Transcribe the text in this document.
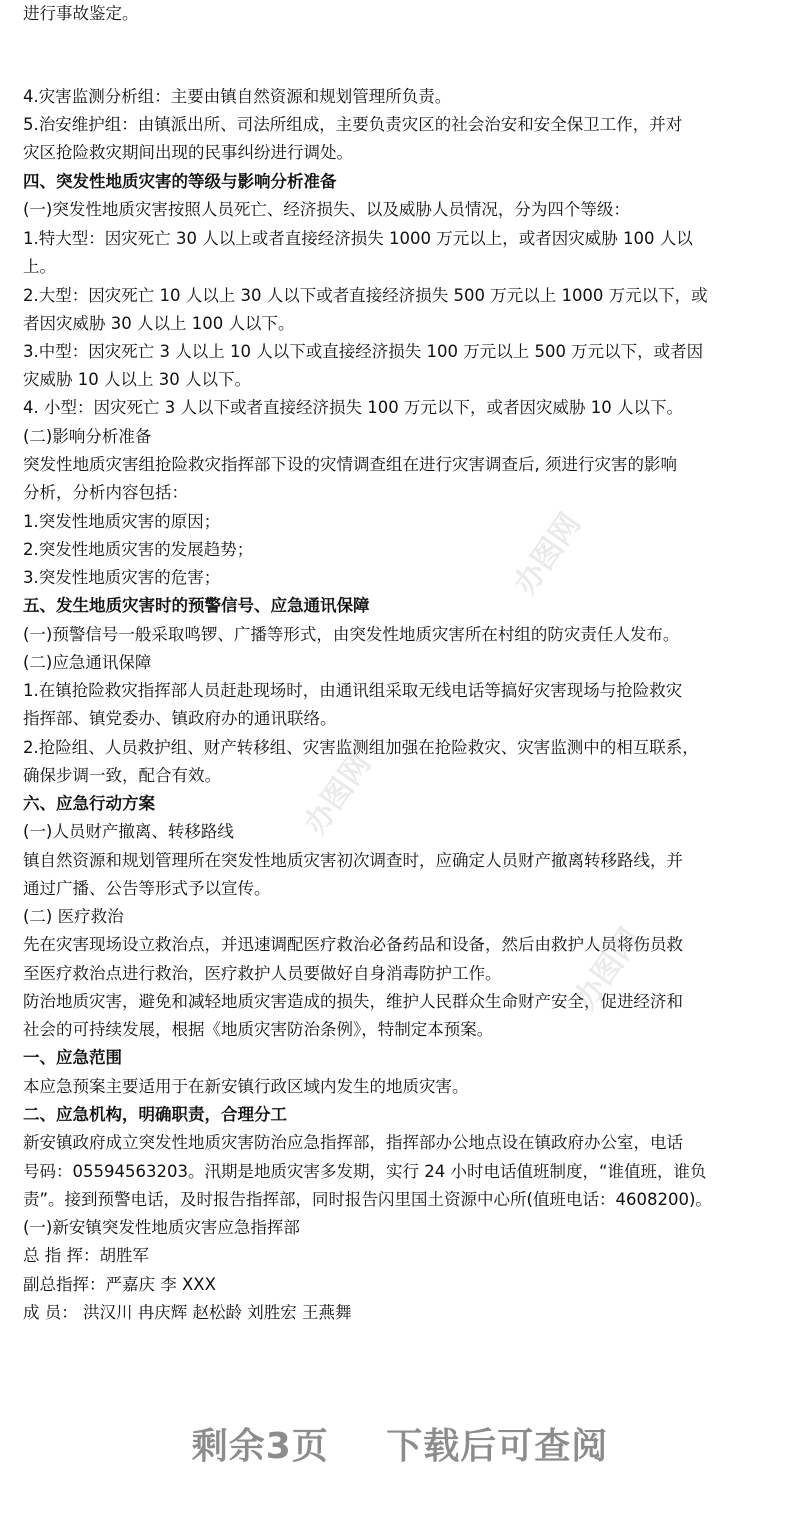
进行事故鉴定。
4.灾害监测分析组：主要由镇自然资源和规划管理所负责。
5.治安维护组：由镇派出所、司法所组成，主要负责灾区的社会治安和安全保卫工作，并对
灾区抢险救灾期间出现的民事纠纷进行调处。
四、突发性地质灾害的等级与影响分析准备
(一)突发性地质灾害按照人员死亡、经济损失、以及威胁人员情况，分为四个等级：
1.特大型：因灾死亡 30 人以上或者直接经济损失 1000 万元以上，或者因灾威胁 100 人以
上。
2.大型：因灾死亡 10 人以上 30 人以下或者直接经济损失 500 万元以上 1000 万元以下，或
者因灾威胁 30 人以上 100 人以下。
3.中型：因灾死亡 3 人以上 10 人以下或直接经济损失 100 万元以上 500 万元以下，或者因
灾威胁 10 人以上 30 人以下。
4. 小型：因灾死亡 3 人以下或者直接经济损失 100 万元以下，或者因灾威胁 10 人以下。
(二)影响分析准备
突发性地质灾害组抢险救灾指挥部下设的灾情调查组在进行灾害调查后, 须进行灾害的影响
分析，分析内容包括：
1.突发性地质灾害的原因；
2.突发性地质灾害的发展趋势；
3.突发性地质灾害的危害；
五、发生地质灾害时的预警信号、应急通讯保障
(一)预警信号一般采取鸣锣、广播等形式，由突发性地质灾害所在村组的防灾责任人发布。
(二)应急通讯保障
1.在镇抢险救灾指挥部人员赶赴现场时，由通讯组采取无线电话等搞好灾害现场与抢险救灾
指挥部、镇党委办、镇政府办的通讯联络。
2.抢险组、人员救护组、财产转移组、灾害监测组加强在抢险救灾、灾害监测中的相互联系，
确保步调一致，配合有效。
六、应急行动方案
(一)人员财产撤离、转移路线
镇自然资源和规划管理所在突发性地质灾害初次调查时，应确定人员财产撤离转移路线，并
通过广播、公告等形式予以宣传。
(二) 医疗救治
先在灾害现场设立救治点，并迅速调配医疗救治必备药品和设备，然后由救护人员将伤员救
至医疗救治点进行救治，医疗救护人员要做好自身消毒防护工作。
防治地质灾害，避免和减轻地质灾害造成的损失，维护人民群众生命财产安全，促进经济和
社会的可持续发展，根据《地质灾害防治条例》，特制定本预案。
一、应急范围
本应急预案主要适用于在新安镇行政区域内发生的地质灾害。
二、应急机构，明确职责，合理分工
新安镇政府成立突发性地质灾害防治应急指挥部，指挥部办公地点设在镇政府办公室，电话
号码：05594563203。汛期是地质灾害多发期，实行 24 小时电话值班制度，“谁值班，谁负
责”。接到预警电话，及时报告指挥部，同时报告闪里国土资源中心所(值班电话：4608200)。
(一)新安镇突发性地质灾害应急指挥部
总 指 挥：胡胜军
副总指挥：严嘉庆 李 XXX
成 员： 洪汉川 冉庆辉 赵松龄 刘胜宏 王燕舞
办图网
办图网
办图网
剩余3页 下载后可查阅
